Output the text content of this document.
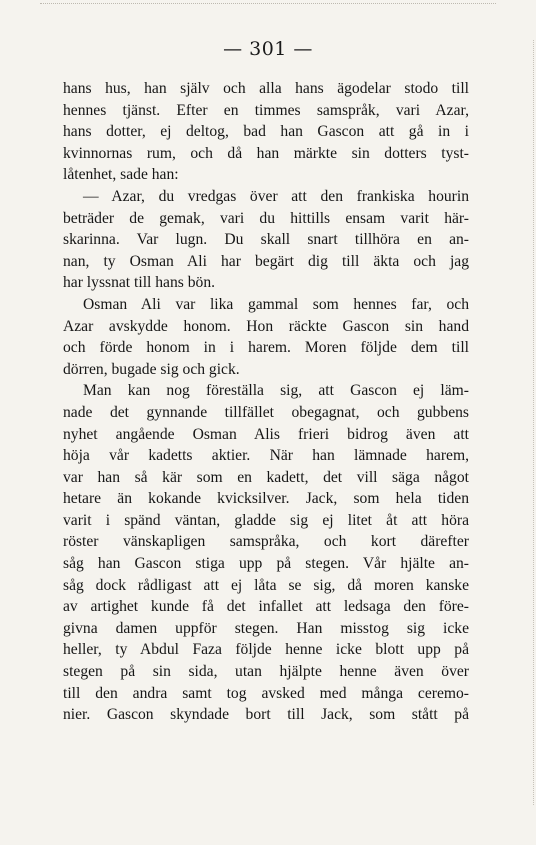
— 301 —
hans hus, han själv och alla hans ägodelar stodo till
hennes tjänst. Efter en timmes samspråk, vari Azar,
hans dotter, ej deltog, bad han Gascon att gå in i
kvinnornas rum, och då han märkte sin dotters tyst-
låtenhet, sade han:
— Azar, du vredgas över att den frankiska hourin
beträder de gemak, vari du hittills ensam varit här-
skarinna. Var lugn. Du skall snart tillhöra en an-
nan, ty Osman Ali har begärt dig till äkta och jag
har lyssnat till hans bön.
Osman Ali var lika gammal som hennes far, och
Azar avskydde honom. Hon räckte Gascon sin hand
och förde honom in i harem. Moren följde dem till
dörren, bugade sig och gick.
Man kan nog föreställa sig, att Gascon ej läm-
nade det gynnande tillfället obegagnat, och gubbens
nyhet angående Osman Alis frieri bidrog även att
höja vår kadetts aktier. När han lämnade harem,
var han så kär som en kadett, det vill säga något
hetare än kokande kvicksilver. Jack, som hela tiden
varit i spänd väntan, gladde sig ej litet åt att höra
röster vänskapligen samspråka, och kort därefter
såg han Gascon stiga upp på stegen. Vår hjälte an-
såg dock rådligast att ej låta se sig, då moren kanske
av artighet kunde få det infallet att ledsaga den före-
givna damen uppför stegen. Han misstog sig icke
heller, ty Abdul Faza följde henne icke blott upp på
stegen på sin sida, utan hjälpte henne även över
till den andra samt tog avsked med många ceremo-
nier. Gascon skyndade bort till Jack, som stått på
